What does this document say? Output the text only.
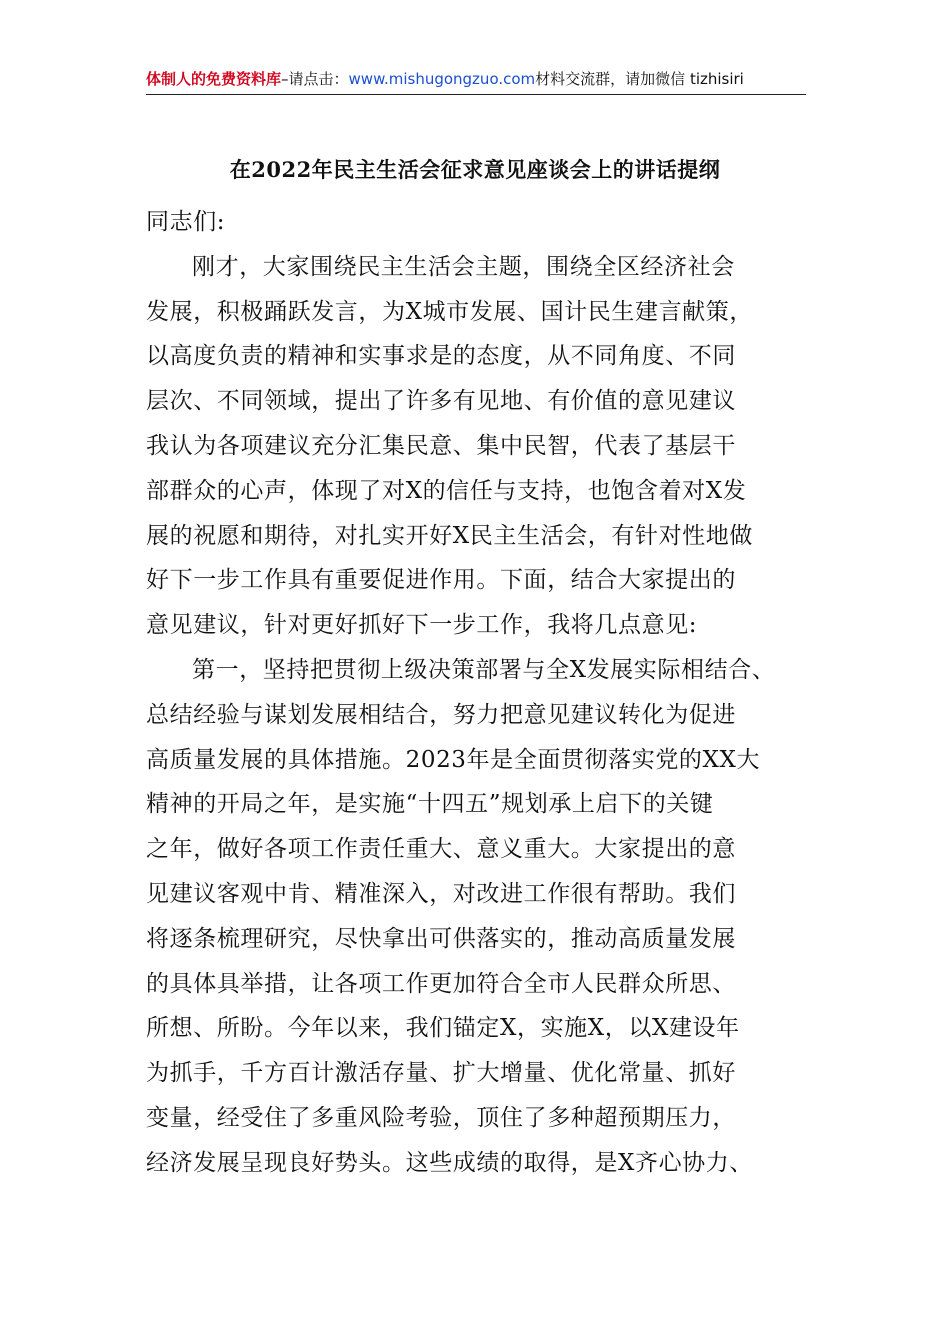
体制人的免费资料库–请点击：www.mishugongzuo.com材料交流群，请加微信 tizhisiri
在2022年民主生活会征求意见座谈会上的讲话提纲
同志们:
刚才，大家围绕民主生活会主题，围绕全区经济社会
发展，积极踊跃发言，为X城市发展、国计民生建言献策，
以高度负责的精神和实事求是的态度，从不同角度、不同
层次、不同领域，提出了许多有见地、有价值的意见建议
我认为各项建议充分汇集民意、集中民智，代表了基层干
部群众的心声，体现了对X的信任与支持，也饱含着对X发
展的祝愿和期待，对扎实开好X民主生活会，有针对性地做
好下一步工作具有重要促进作用。下面，结合大家提出的
意见建议，针对更好抓好下一步工作，我将几点意见:
第一，坚持把贯彻上级决策部署与全X发展实际相结合、
总结经验与谋划发展相结合，努力把意见建议转化为促进
高质量发展的具体措施。2023年是全面贯彻落实党的XX大
精神的开局之年，是实施“十四五”规划承上启下的关键
之年，做好各项工作责任重大、意义重大。大家提出的意
见建议客观中肯、精准深入，对改进工作很有帮助。我们
将逐条梳理研究，尽快拿出可供落实的，推动高质量发展
的具体具举措，让各项工作更加符合全市人民群众所思、
所想、所盼。今年以来，我们锚定X，实施X，以X建设年
为抓手，千方百计激活存量、扩大增量、优化常量、抓好
变量，经受住了多重风险考验，顶住了多种超预期压力，
经济发展呈现良好势头。这些成绩的取得，是X齐心协力、
